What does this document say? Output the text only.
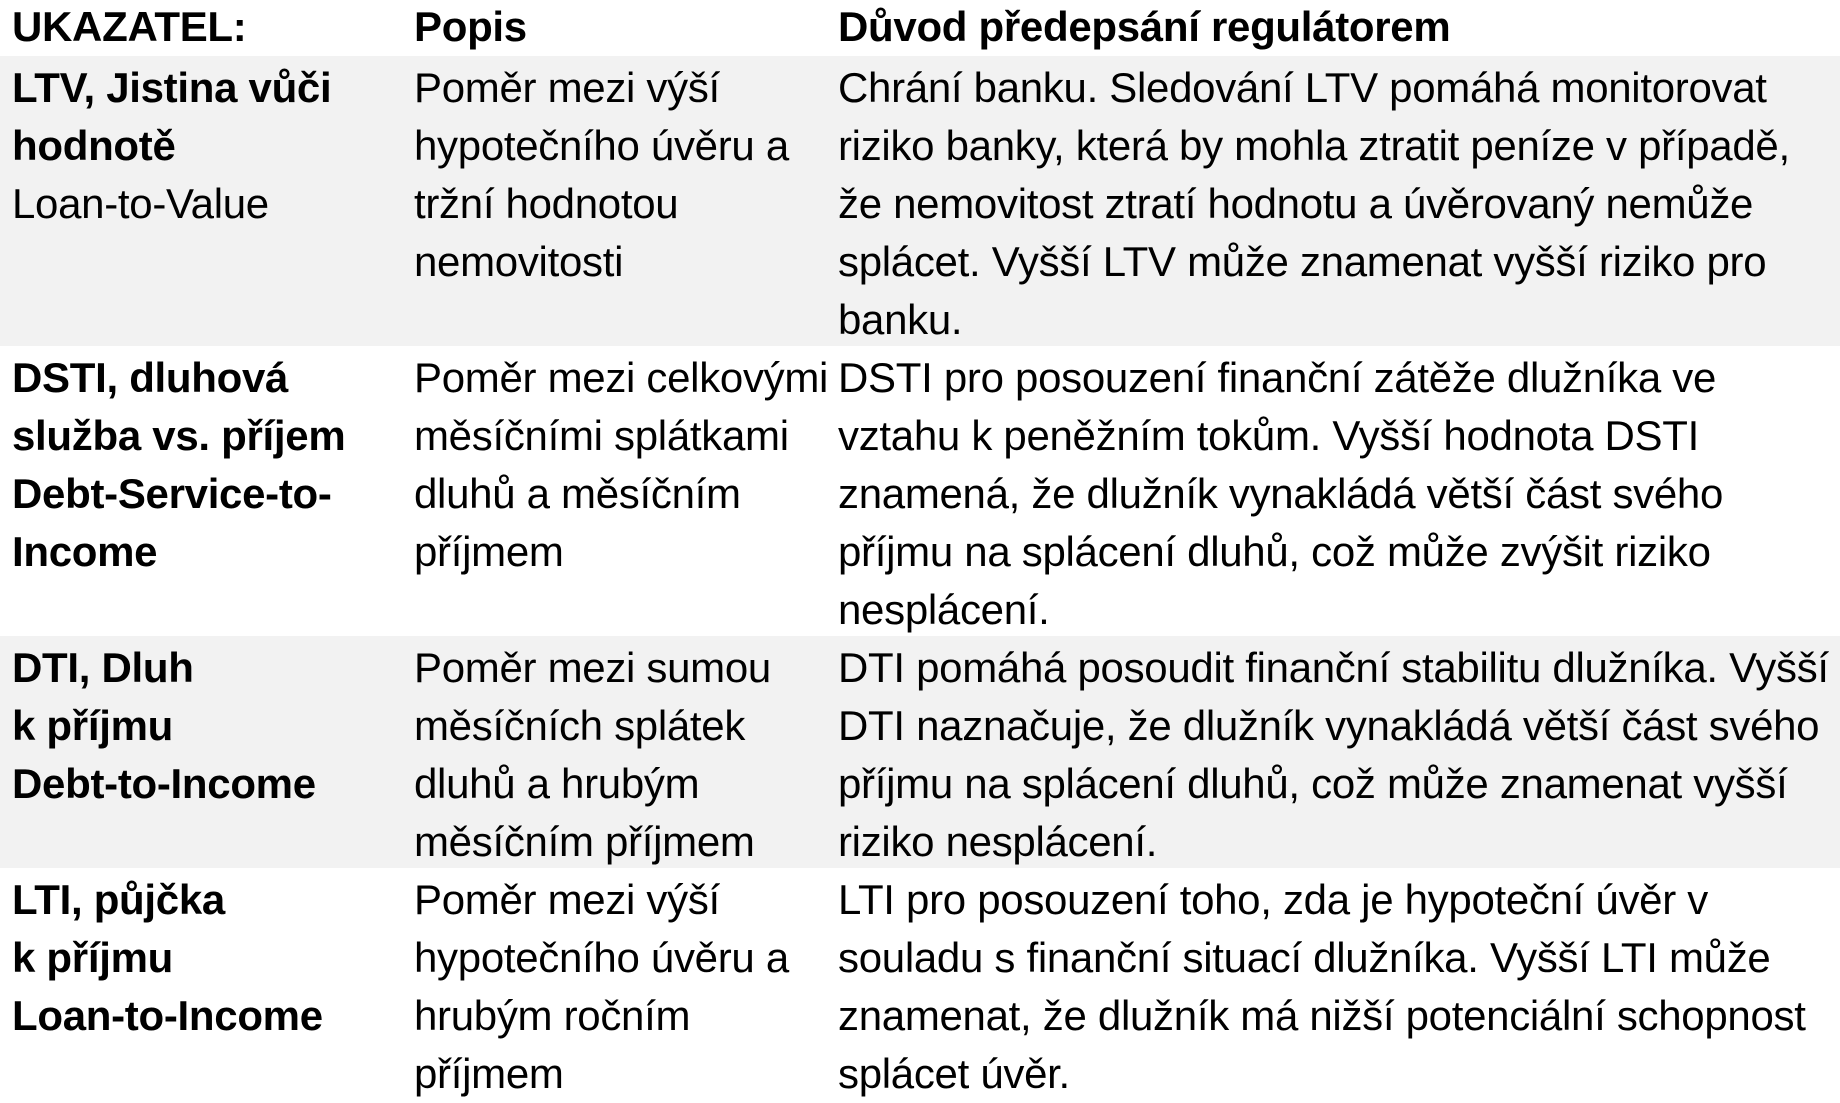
UKAZATEL:	Popis	Důvod předepsání regulátorem
LTV, Jistina vůči
hodnotě
Loan-to-Value
Poměr mezi výší hypotečního úvěru a tržní hodnotou nemovitosti
Chrání banku. Sledování LTV pomáhá monitorovat riziko banky, která by mohla ztratit peníze v případě, že nemovitost ztratí hodnotu a úvěrovaný nemůže splácet. Vyšší LTV může znamenat vyšší riziko pro banku.
DSTI, dluhová
služba vs. příjem
Debt-Service-to-Income
Poměr mezi celkovými měsíčními splátkami dluhů a měsíčním příjmem
DSTI pro posouzení finanční zátěže dlužníka ve vztahu k peněžním tokům. Vyšší hodnota DSTI znamená, že dlužník vynakládá větší část svého příjmu na splácení dluhů, což může zvýšit riziko nesplácení.
DTI, Dluh
k příjmu
Debt-to-Income
Poměr mezi sumou měsíčních splátek dluhů a hrubým měsíčním příjmem
DTI pomáhá posoudit finanční stabilitu dlužníka. Vyšší DTI naznačuje, že dlužník vynakládá větší část svého příjmu na splácení dluhů, což může znamenat vyšší riziko nesplácení.
LTI, půjčka
k příjmu
Loan-to-Income
Poměr mezi výší hypotečního úvěru a hrubým ročním příjmem
LTI pro posouzení toho, zda je hypoteční úvěr v souladu s finanční situací dlužníka. Vyšší LTI může znamenat, že dlužník má nižší potenciální schopnost splácet úvěr.
